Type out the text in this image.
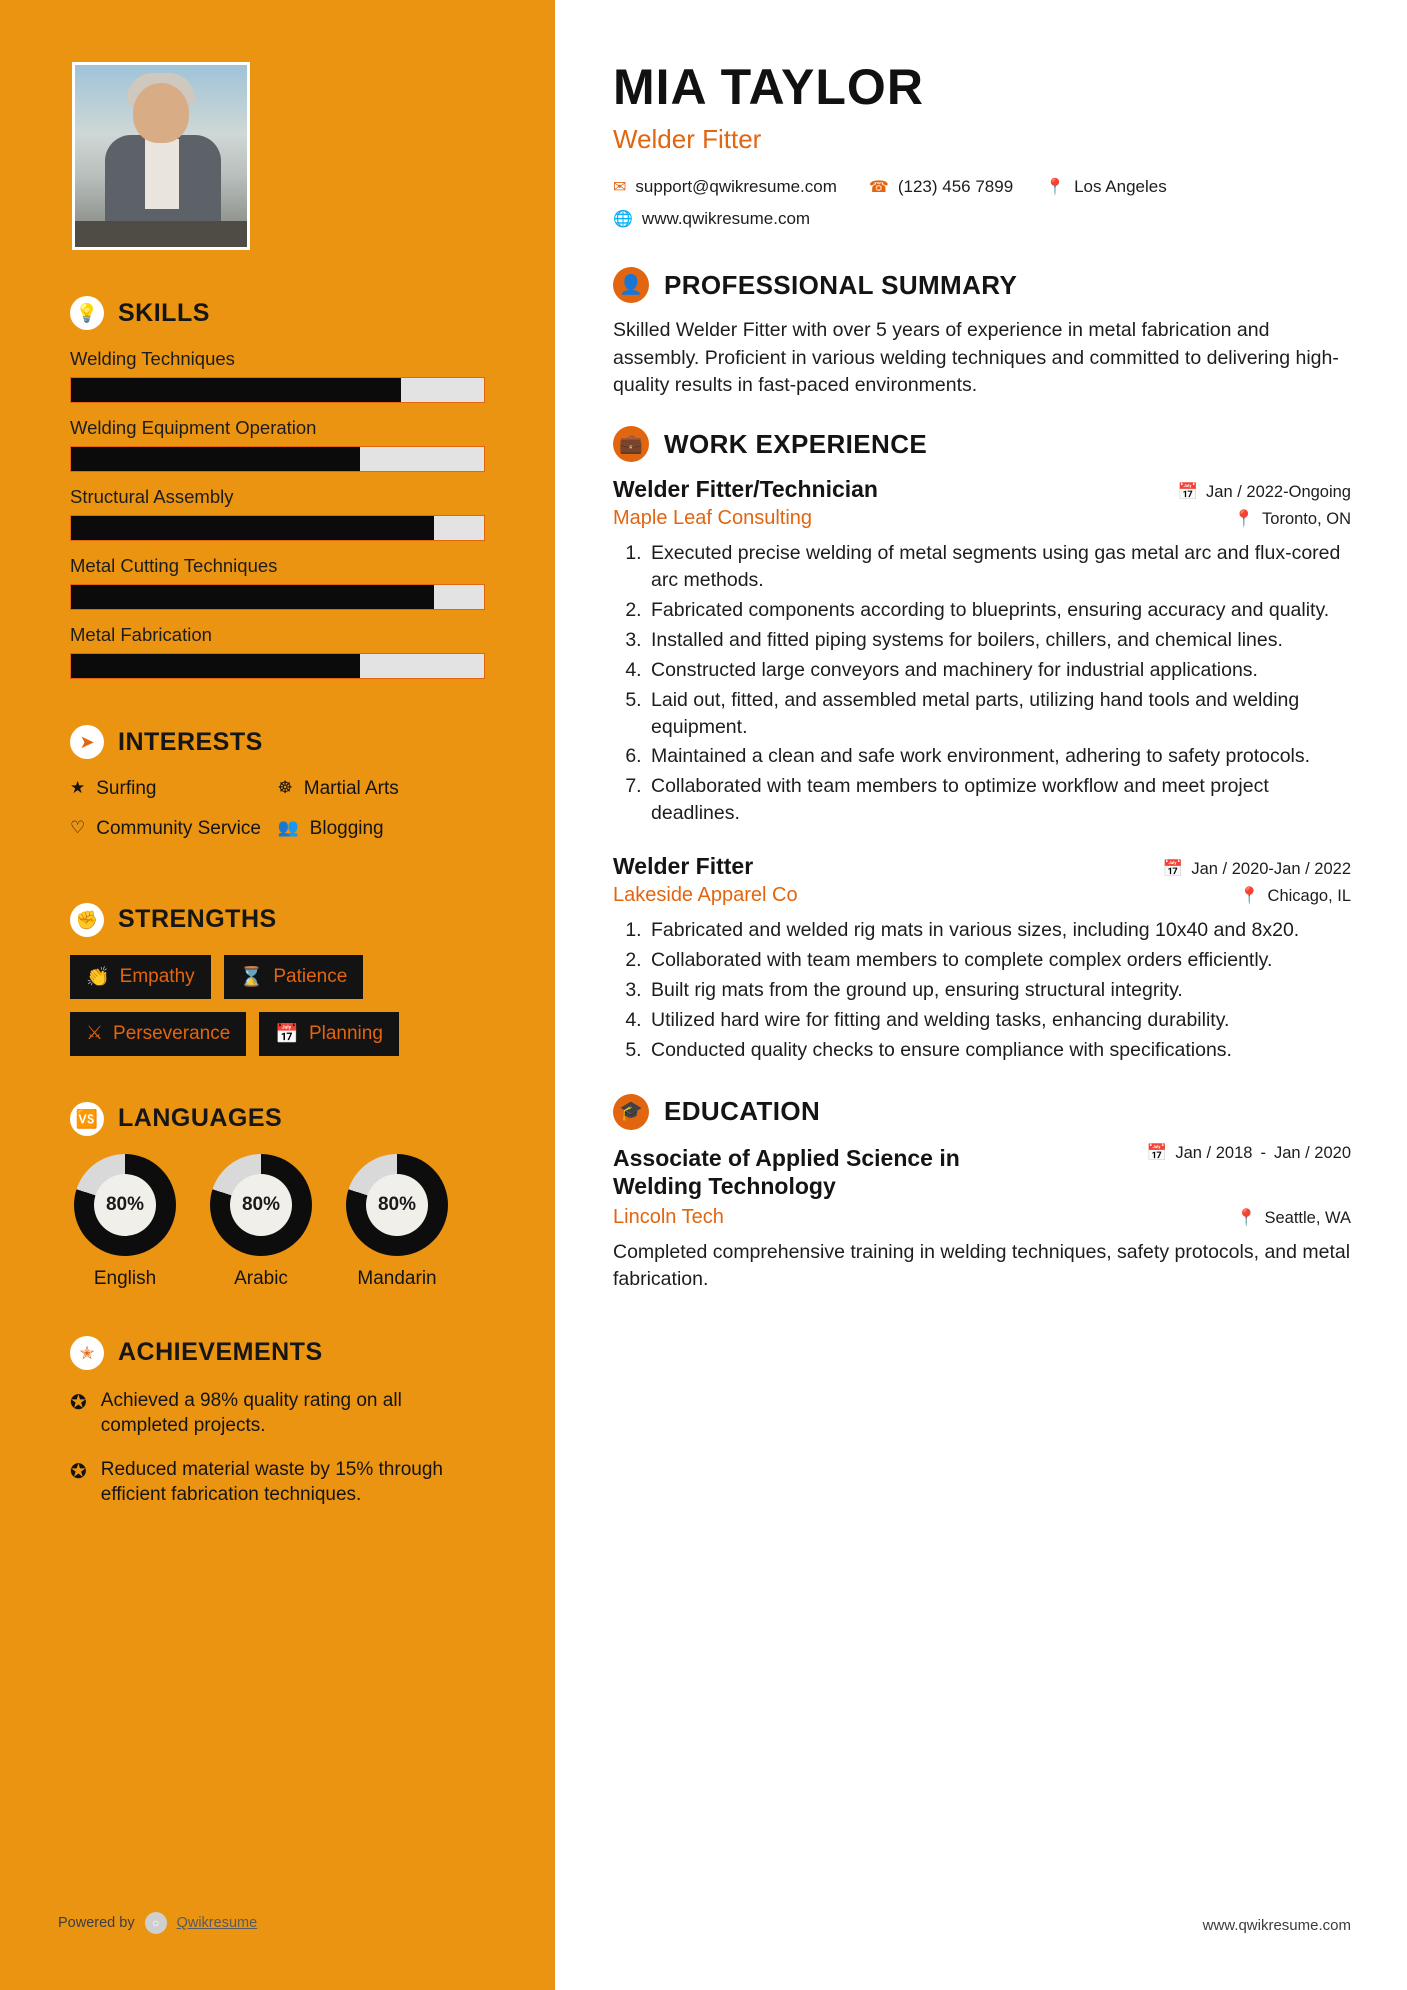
💡 SKILLS
Welding Techniques
Welding Equipment Operation
Structural Assembly
Metal Cutting Techniques
Metal Fabrication
➤ INTERESTS
★ Surfing	☸ Martial Arts
♡ Community Service 👥 Blogging
✊ STRENGTHS
👏 Empathy ⌛ Patience
⚔ Perseverance 📅 Planning
🆚 LANGUAGES
80%
English
80%
Arabic
80%
Mandarin
✭ ACHIEVEMENTS
✪ Achieved a 98% quality rating on all completed projects.
✪ Reduced material waste by 15% through efficient fabrication techniques.
Powered by	○	Qwikresume
MIA TAYLOR
Welder Fitter
✉ support@qwikresume.com ☎ (123) 456 7899 📍 Los Angeles
🌐 www.qwikresume.com
👤 PROFESSIONAL SUMMARY

Skilled Welder Fitter with over 5 years of experience in metal fabrication and assembly. Proficient in various welding techniques and committed to delivering high-quality results in fast-paced environments.

💼 WORK EXPERIENCE
Welder Fitter/Technician	📅 Jan / 2022-Ongoing
Maple Leaf Consulting	📍 Toronto, ON
1. Executed precise welding of metal segments using gas metal arc and flux-cored arc methods.
2. Fabricated components according to blueprints, ensuring accuracy and quality.
3. Installed and fitted piping systems for boilers, chillers, and chemical lines.
4. Constructed large conveyors and machinery for industrial applications.
5. Laid out, fitted, and assembled metal parts, utilizing hand tools and welding equipment.
6. Maintained a clean and safe work environment, adhering to safety protocols.
7. Collaborated with team members to optimize workflow and meet project deadlines.
Welder Fitter	📅 Jan / 2020-Jan / 2022
Lakeside Apparel Co	📍 Chicago, IL
1. Fabricated and welded rig mats in various sizes, including 10x40 and 8x20.
2. Collaborated with team members to complete complex orders efficiently.
3. Built rig mats from the ground up, ensuring structural integrity.
4. Utilized hard wire for fitting and welding tasks, enhancing durability.
5. Conducted quality checks to ensure compliance with specifications.
🎓 EDUCATION
Associate of Applied Science in Welding Technology
📅 Jan / 2018 - Jan / 2020
Lincoln Tech	📍 Seattle, WA
Completed comprehensive training in welding techniques, safety protocols, and metal fabrication.
www.qwikresume.com
